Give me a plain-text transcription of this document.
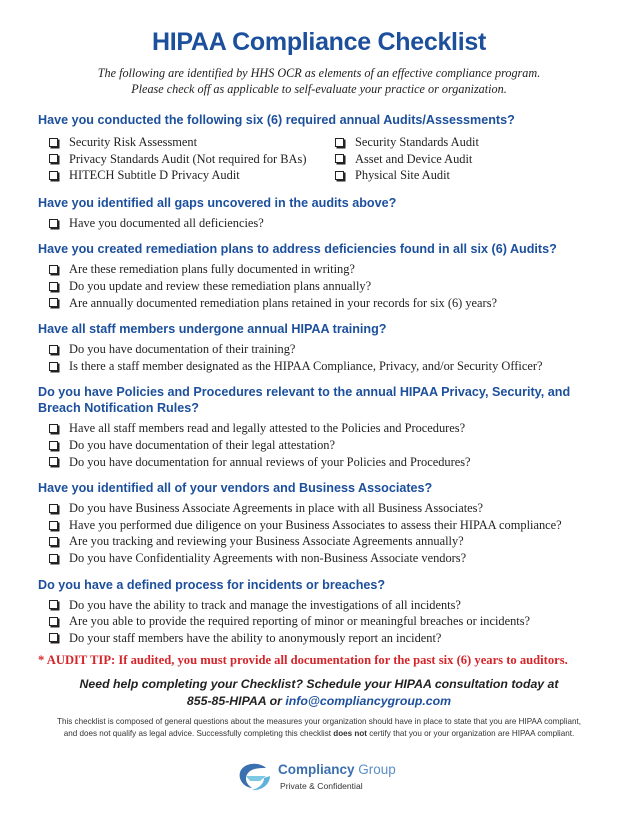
HIPAA Compliance Checklist
The following are identified by HHS OCR as elements of an effective compliance program.
Please check off as applicable to self-evaluate your practice or organization.
Have you conducted the following six (6) required annual Audits/Assessments?
Security Risk Assessment
Privacy Standards Audit (Not required for BAs)
HITECH Subtitle D Privacy Audit
Security Standards Audit
Asset and Device Audit
Physical Site Audit
Have you identified all gaps uncovered in the audits above?
Have you documented all deficiencies?
Have you created remediation plans to address deficiencies found in all six (6) Audits?
Are these remediation plans fully documented in writing?
Do you update and review these remediation plans annually?
Are annually documented remediation plans retained in your records for six (6) years?
Have all staff members undergone annual HIPAA training?
Do you have documentation of their training?
Is there a staff member designated as the HIPAA Compliance, Privacy, and/or Security Officer?
Do you have Policies and Procedures relevant to the annual HIPAA Privacy, Security, and
Breach Notification Rules?
Have all staff members read and legally attested to the Policies and Procedures?
Do you have documentation of their legal attestation?
Do you have documentation for annual reviews of your Policies and Procedures?
Have you identified all of your vendors and Business Associates?
Do you have Business Associate Agreements in place with all Business Associates?
Have you performed due diligence on your Business Associates to assess their HIPAA compliance?
Are you tracking and reviewing your Business Associate Agreements annually?
Do you have Confidentiality Agreements with non-Business Associate vendors?
Do you have a defined process for incidents or breaches?
Do you have the ability to track and manage the investigations of all incidents?
Are you able to provide the required reporting of minor or meaningful breaches or incidents?
Do your staff members have the ability to anonymously report an incident?
* AUDIT TIP: If audited, you must provide all documentation for the past six (6) years to auditors.
Need help completing your Checklist? Schedule your HIPAA consultation today at
855-85-HIPAA or info@compliancygroup.com
This checklist is composed of general questions about the measures your organization should have in place to state that you are HIPAA compliant,
and does not qualify as legal advice. Successfully completing this checklist does not certify that you or your organization are HIPAA compliant.
Compliancy Group
Private & Confidential
